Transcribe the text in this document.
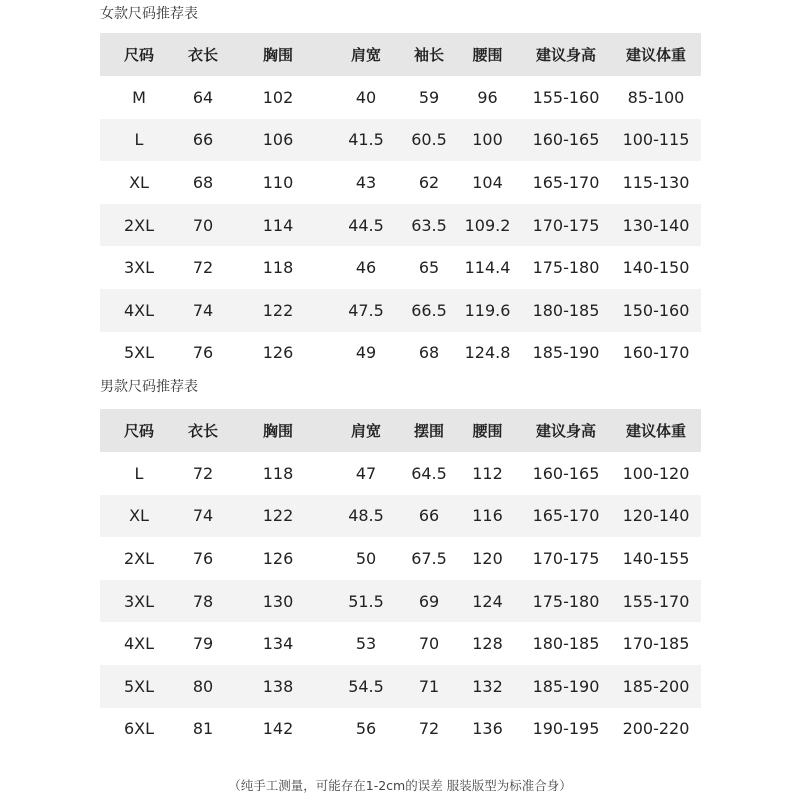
女款尺码推荐表
尺码	衣长	胸围	肩宽	袖长	腰围	建议身高	建议体重
M	64	102	40	59	96	155-160	85-100
L	66	106	41.5	60.5	100	160-165	100-115
XL	68	110	43	62	104	165-170	115-130
2XL	70	114	44.5	63.5	109.2	170-175	130-140
3XL	72	118	46	65	114.4	175-180	140-150
4XL	74	122	47.5	66.5	119.6	180-185	150-160
5XL	76	126	49	68	124.8	185-190	160-170
男款尺码推荐表
尺码	衣长	胸围	肩宽	摆围	腰围	建议身高	建议体重
L	72	118	47	64.5	112	160-165	100-120
XL	74	122	48.5	66	116	165-170	120-140
2XL	76	126	50	67.5	120	170-175	140-155
3XL	78	130	51.5	69	124	175-180	155-170
4XL	79	134	53	70	128	180-185	170-185
5XL	80	138	54.5	71	132	185-190	185-200
6XL	81	142	56	72	136	190-195	200-220
（纯手工测量，可能存在1-2cm的误差 服装版型为标准合身）
